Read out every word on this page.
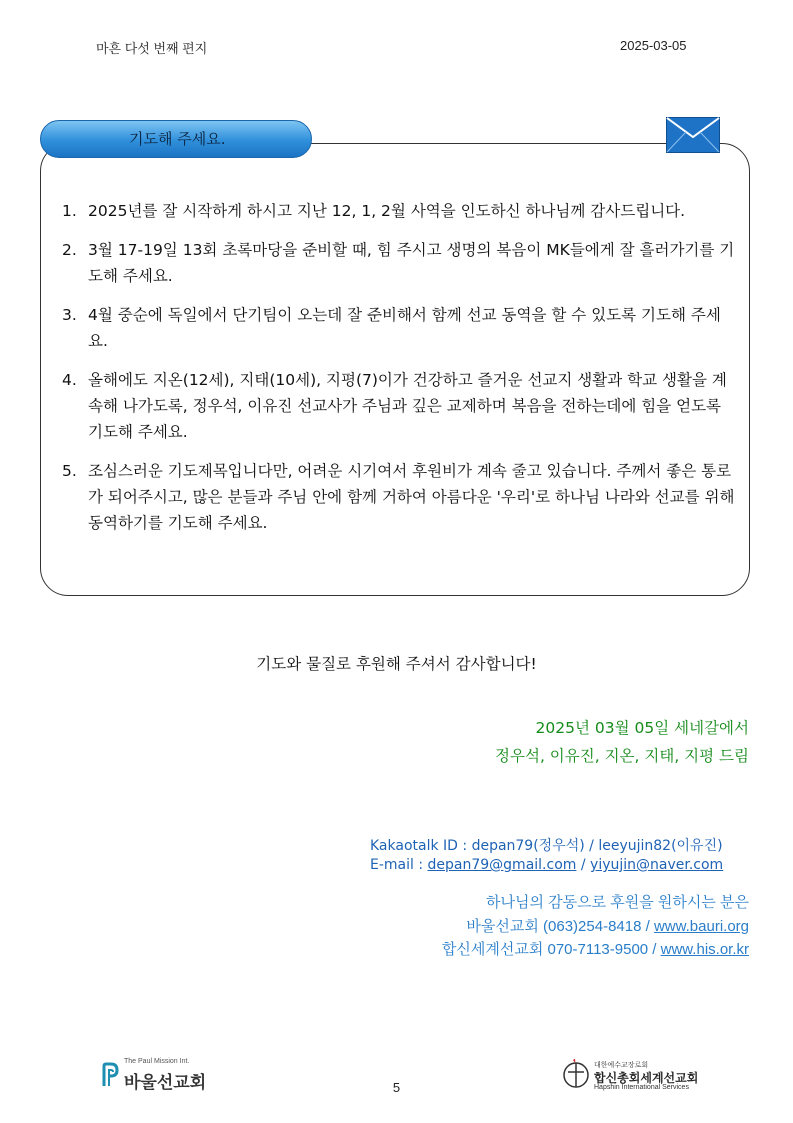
마흔 다섯 번째 편지	2025-03-05
기도해 주세요.
1. 2025년를 잘 시작하게 하시고 지난 12, 1, 2월 사역을 인도하신 하나님께 감사드립니다.
2. 3월 17-19일 13회 초록마당을 준비할 때, 힘 주시고 생명의 복음이 MK들에게 잘 흘러가기를 기도해 주세요.
3. 4월 중순에 독일에서 단기팀이 오는데 잘 준비해서 함께 선교 동역을 할 수 있도록 기도해 주세요.
4. 올해에도 지온(12세), 지태(10세), 지평(7)이가 건강하고 즐거운 선교지 생활과 학교 생활을 계속해 나가도록, 정우석, 이유진 선교사가 주님과 깊은 교제하며 복음을 전하는데에 힘을 얻도록 기도해 주세요.
5. 조심스러운 기도제목입니다만, 어려운 시기여서 후원비가 계속 줄고 있습니다. 주께서 좋은 통로가 되어주시고, 많은 분들과 주님 안에 함께 거하여 아름다운 '우리'로 하나님 나라와 선교를 위해 동역하기를 기도해 주세요.
기도와 물질로 후원해 주셔서 감사합니다!
2025년 03월 05일 세네갈에서
정우석, 이유진, 지온, 지태, 지평 드림
Kakaotalk ID : depan79(정우석) / leeyujin82(이유진)
E-mail : depan79@gmail.com / yiyujin@naver.com
하나님의 감동으로 후원을 원하시는 분은
바울선교회 (063)254-8418 / www.bauri.org
합신세계선교회 070-7113-9500 / www.his.or.kr
The Paul Mission Int.
바울선교회	5
대한예수교장로회
합신총회세계선교회
Hapshin International Services
